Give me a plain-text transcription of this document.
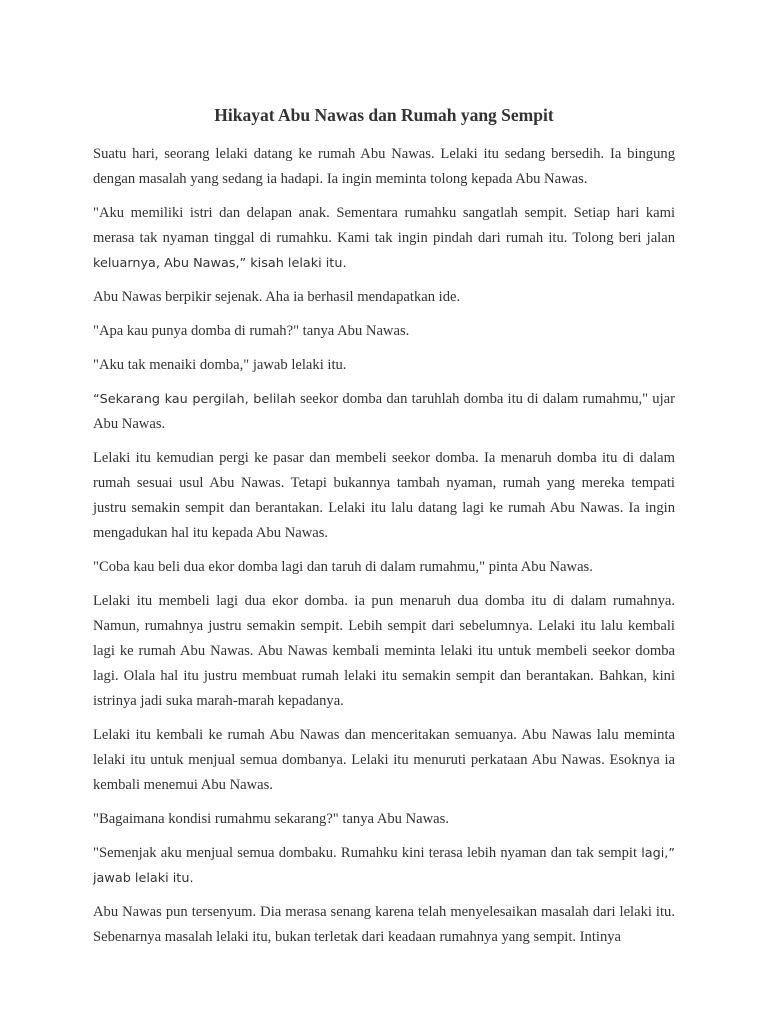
Hikayat Abu Nawas dan Rumah yang Sempit

Suatu hari, seorang lelaki datang ke rumah Abu Nawas. Lelaki itu sedang bersedih. Ia bingung dengan masalah yang sedang ia hadapi. Ia ingin meminta tolong kepada Abu Nawas.

"Aku memiliki istri dan delapan anak. Sementara rumahku sangatlah sempit. Setiap hari kami merasa tak nyaman tinggal di rumahku. Kami tak ingin pindah dari rumah itu. Tolong beri jalan keluarnya, Abu Nawas,” kisah lelaki itu.

Abu Nawas berpikir sejenak. Aha ia berhasil mendapatkan ide.

"Apa kau punya domba di rumah?" tanya Abu Nawas.

"Aku tak menaiki domba," jawab lelaki itu.

“Sekarang kau pergilah, belilah seekor domba dan taruhlah domba itu di dalam rumahmu," ujar Abu Nawas.

Lelaki itu kemudian pergi ke pasar dan membeli seekor domba. Ia menaruh domba itu di dalam rumah sesuai usul Abu Nawas. Tetapi bukannya tambah nyaman, rumah yang mereka tempati justru semakin sempit dan berantakan. Lelaki itu lalu datang lagi ke rumah Abu Nawas. Ia ingin mengadukan hal itu kepada Abu Nawas.

"Coba kau beli dua ekor domba lagi dan taruh di dalam rumahmu," pinta Abu Nawas.

Lelaki itu membeli lagi dua ekor domba. ia pun menaruh dua domba itu di dalam rumahnya. Namun, rumahnya justru semakin sempit. Lebih sempit dari sebelumnya. Lelaki itu lalu kembali lagi ke rumah Abu Nawas. Abu Nawas kembali meminta lelaki itu untuk membeli seekor domba lagi. Olala hal itu justru membuat rumah lelaki itu semakin sempit dan berantakan. Bahkan, kini istrinya jadi suka marah-marah kepadanya.

Lelaki itu kembali ke rumah Abu Nawas dan menceritakan semuanya. Abu Nawas lalu meminta lelaki itu untuk menjual semua dombanya. Lelaki itu menuruti perkataan Abu Nawas. Esoknya ia kembali menemui Abu Nawas.

"Bagaimana kondisi rumahmu sekarang?" tanya Abu Nawas.

"Semenjak aku menjual semua dombaku. Rumahku kini terasa lebih nyaman dan tak sempit lagi,” jawab lelaki itu.

Abu Nawas pun tersenyum. Dia merasa senang karena telah menyelesaikan masalah dari lelaki itu. Sebenarnya masalah lelaki itu, bukan terletak dari keadaan rumahnya yang sempit. Intinya
